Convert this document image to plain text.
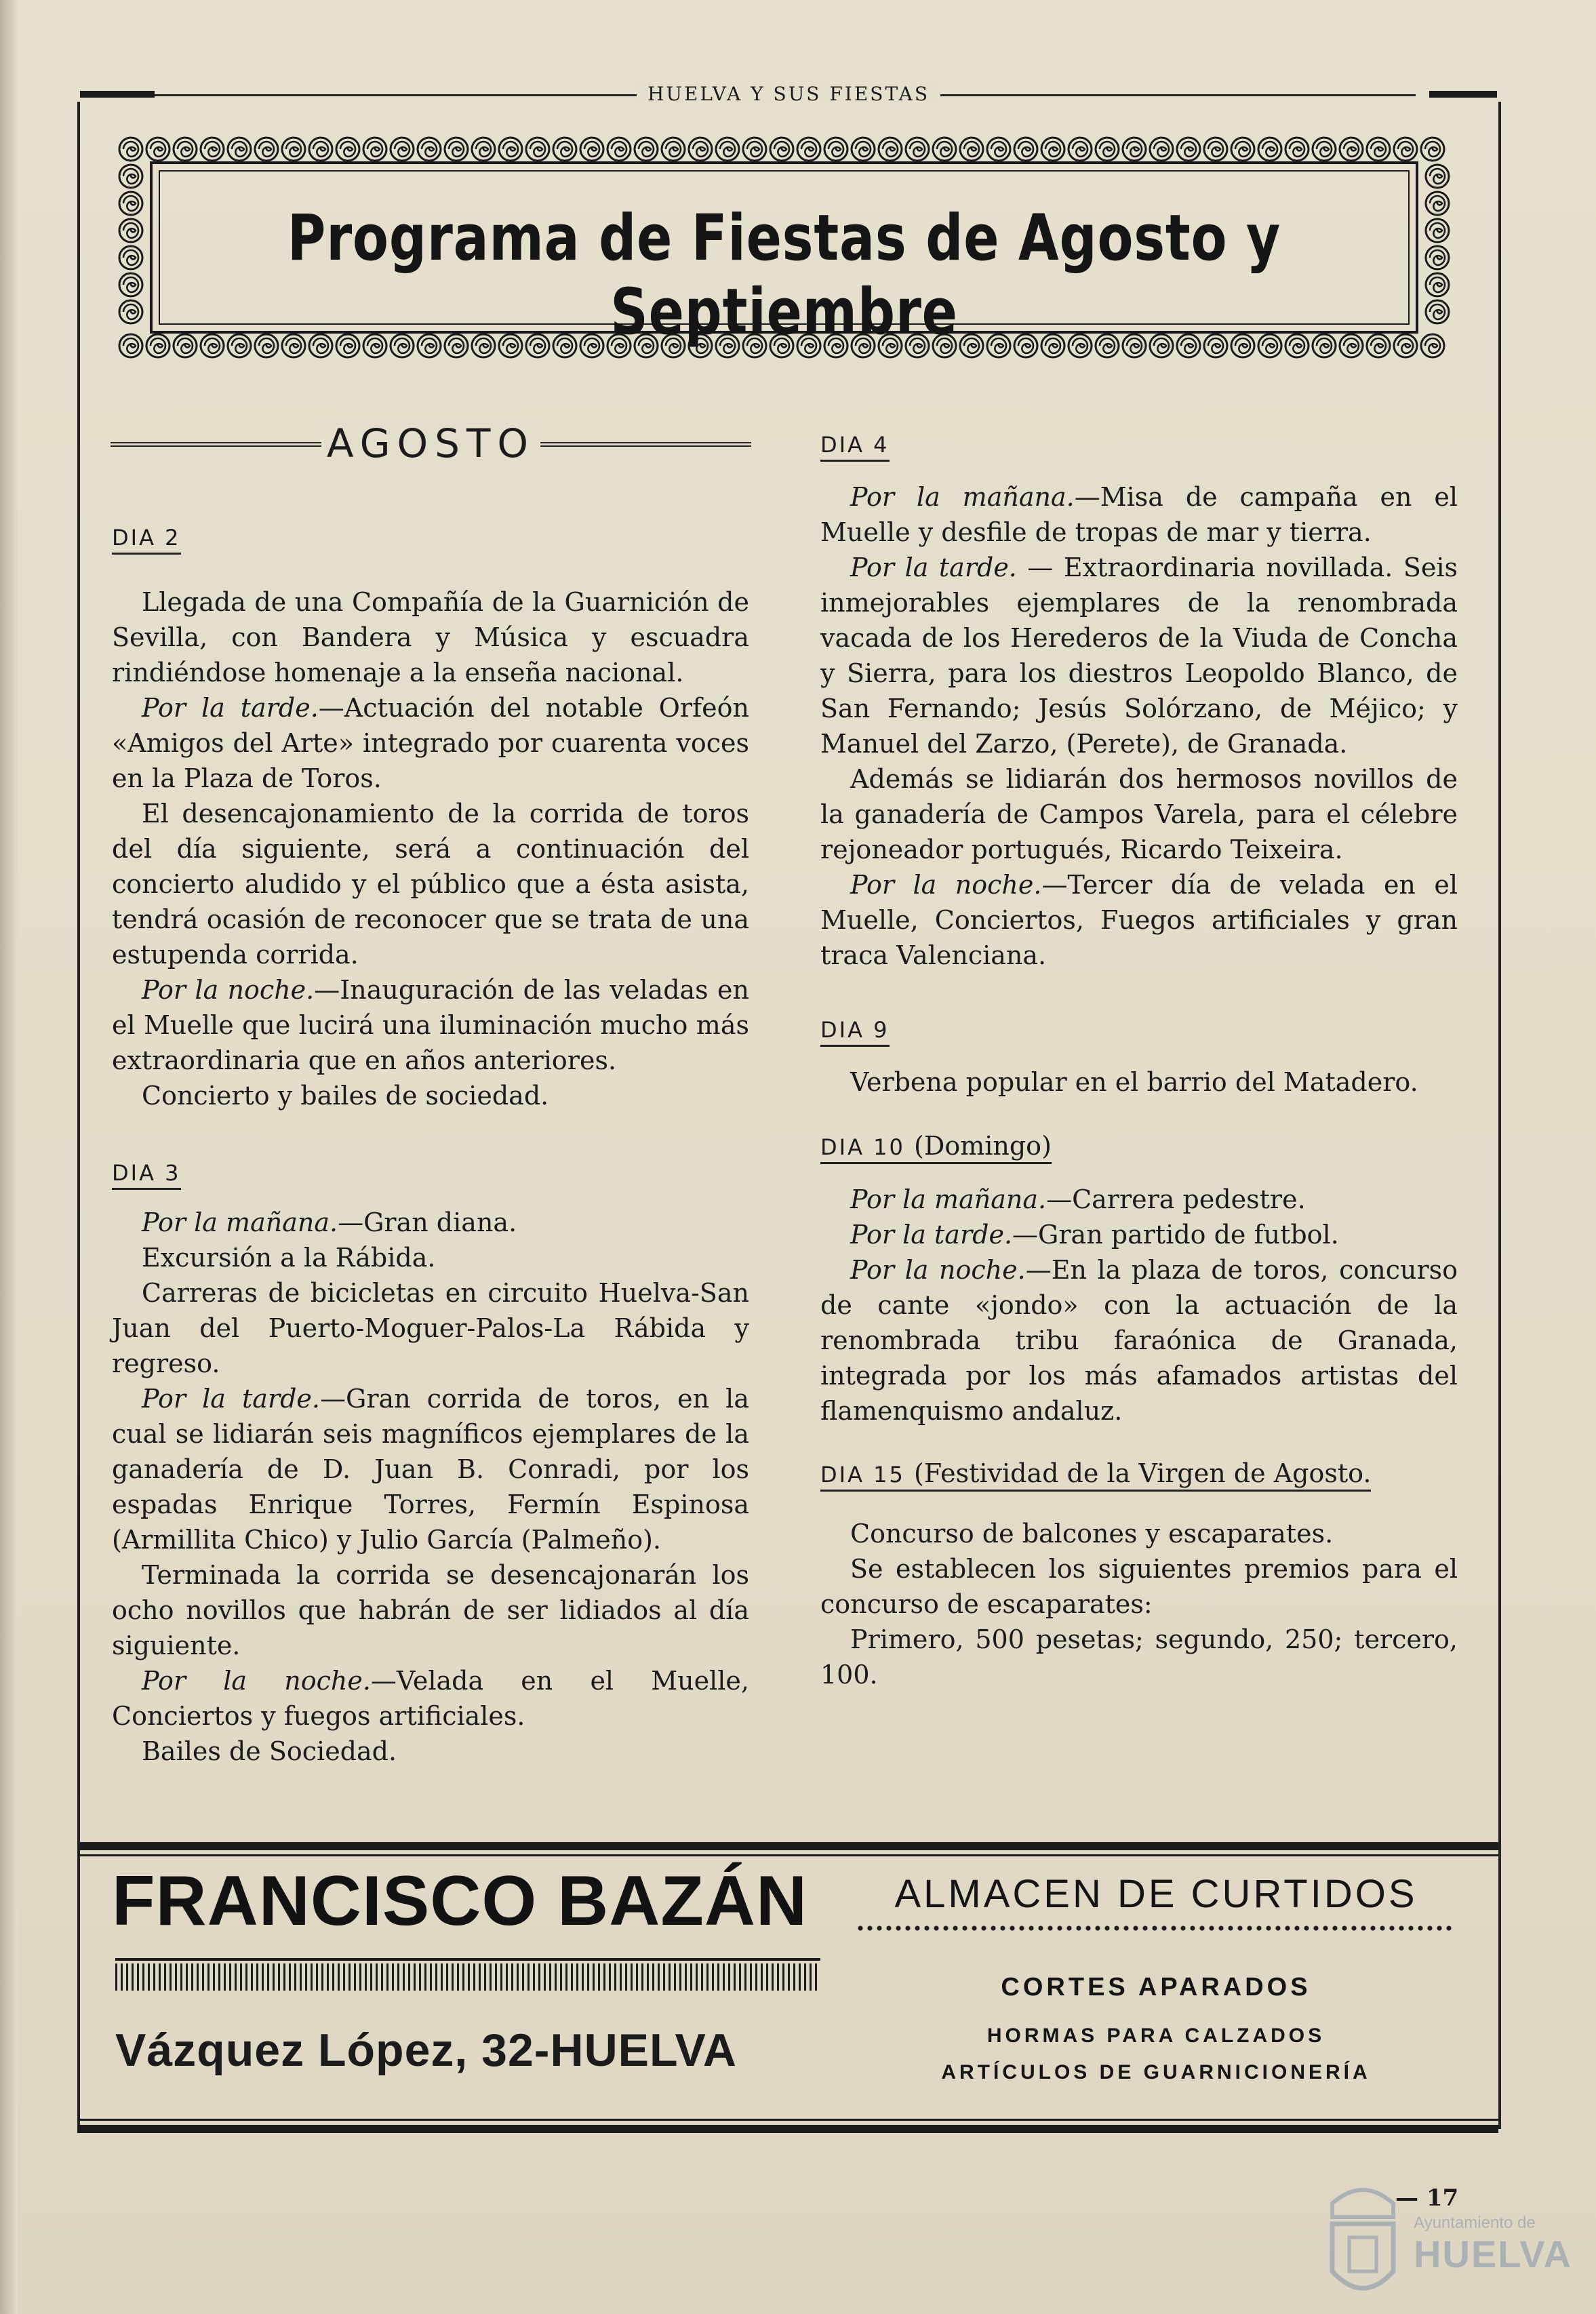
HUELVA Y SUS FIESTAS
Programa de Fiestas de Agosto y Septiembre
AGOSTO
DIA 2

Llegada de una Compañía de la Guarnición de Sevilla, con Bandera y Música y escuadra rindiéndose homenaje a la enseña nacional.

Por la tarde.—Actuación del notable Orfeón «Amigos del Arte» integrado por cuarenta voces en la Plaza de Toros.

El desencajonamiento de la corrida de toros del día siguiente, será a continuación del concierto aludido y el público que a ésta asista, tendrá ocasión de reconocer que se trata de una estupenda corrida.

Por la noche.—Inauguración de las veladas en el Muelle que lucirá una iluminación mucho más extraordinaria que en años anteriores.

Concierto y bailes de sociedad.

DIA 3

Por la mañana.—Gran diana.

Excursión a la Rábida.

Carreras de bicicletas en circuito Huelva-San Juan del Puerto-Moguer-Palos-La Rábida y regreso.

Por la tarde.—Gran corrida de toros, en la cual se lidiarán seis magníficos ejemplares de la ganadería de D. Juan B. Conradi, por los espadas Enrique Torres, Fermín Espinosa (Armillita Chico) y Julio García (Palmeño).

Terminada la corrida se desencajonarán los ocho novillos que habrán de ser lidiados al día siguiente.

Por la noche.—Velada en el Muelle, Conciertos y fuegos artificiales.

Bailes de Sociedad.

DIA 4

Por la mañana.—Misa de campaña en el Muelle y desfile de tropas de mar y tierra.

Por la tarde. — Extraordinaria novillada. Seis inmejorables ejemplares de la renombrada vacada de los Herederos de la Viuda de Concha y Sierra, para los diestros Leopoldo Blanco, de San Fernando; Jesús Solórzano, de Méjico; y Manuel del Zarzo, (Perete), de Granada.

Además se lidiarán dos hermosos novillos de la ganadería de Campos Varela, para el célebre rejoneador portugués, Ricardo Teixeira.

Por la noche.—Tercer día de velada en el Muelle, Conciertos, Fuegos artificiales y gran traca Valenciana.

DIA 9

Verbena popular en el barrio del Matadero.

DIA 10 (Domingo)

Por la mañana.—Carrera pedestre.

Por la tarde.—Gran partido de futbol.

Por la noche.—En la plaza de toros, concurso de cante «jondo» con la actuación de la renombrada tribu faraónica de Granada, integrada por los más afamados artistas del flamenquismo andaluz.

DIA 15 (Festividad de la Virgen de Agosto.

Concurso de balcones y escaparates.

Se establecen los siguientes premios para el concurso de escaparates:

Primero, 500 pesetas; segundo, 250; tercero, 100.

FRANCISCO BAZÁN
Vázquez López, 32-HUELVA
ALMACEN DE CURTIDOS
CORTES APARADOS
HORMAS PARA CALZADOS
ARTÍCULOS DE GUARNICIONERÍA
— 17
Ayuntamiento de
HUELVA
